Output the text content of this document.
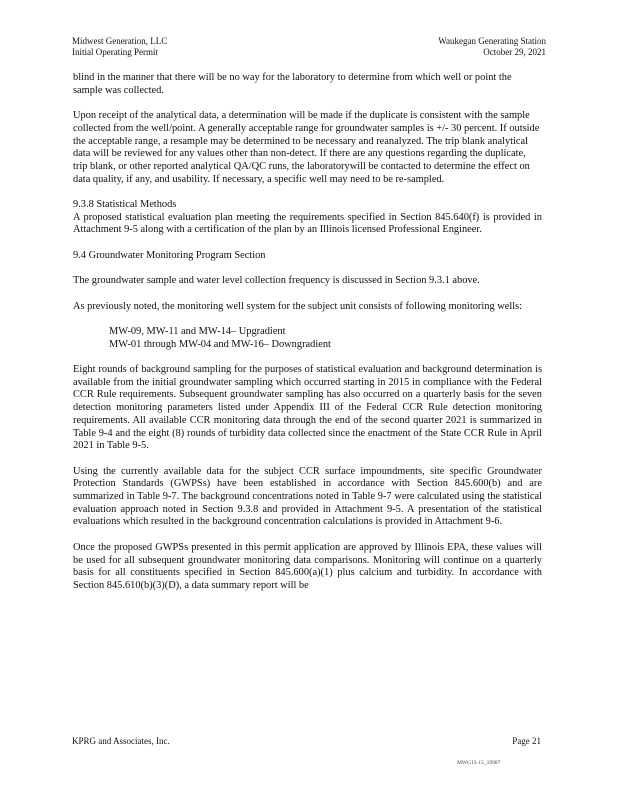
Midwest Generation, LLC
Initial Operating Permit
Waukegan Generating Station
October 29, 2021

blind in the manner that there will be no way for the laboratory to determine from which well or point the sample was collected.

Upon receipt of the analytical data, a determination will be made if the duplicate is consistent with the sample collected from the well/point. A generally acceptable range for groundwater samples is +/- 30 percent. If outside the acceptable range, a resample may be determined to be necessary and reanalyzed. The trip blank analytical data will be reviewed for any values other than non-detect. If there are any questions regarding the duplicate, trip blank, or other reported analytical QA/QC runs, the laboratorywill be contacted to determine the effect on data quality, if any, and usability. If necessary, a specific well may need to be re-sampled.

9.3.8 Statistical Methods

A proposed statistical evaluation plan meeting the requirements specified in Section 845.640(f) is provided in Attachment 9-5 along with a certification of the plan by an Illinois licensed Professional Engineer.

9.4 Groundwater Monitoring Program Section

The groundwater sample and water level collection frequency is discussed in Section 9.3.1 above.

As previously noted, the monitoring well system for the subject unit consists of following monitoring wells:

MW-09, MW-11 and MW-14– Upgradient

MW-01 through MW-04 and MW-16– Downgradient

Eight rounds of background sampling for the purposes of statistical evaluation and background determination is available from the initial groundwater sampling which occurred starting in 2015 in compliance with the Federal CCR Rule requirements. Subsequent groundwater sampling has also occurred on a quarterly basis for the seven detection monitoring parameters listed under Appendix III of the Federal CCR Rule detection monitoring requirements. All available CCR monitoring data through the end of the second quarter 2021 is summarized in Table 9-4 and the eight (8) rounds of turbidity data collected since the enactment of the State CCR Rule in April 2021 in Table 9-5.

Using the currently available data for the subject CCR surface impoundments, site specific Groundwater Protection Standards (GWPSs) have been established in accordance with Section 845.600(b) and are summarized in Table 9-7. The background concentrations noted in Table 9-7 were calculated using the statistical evaluation approach noted in Section 9.3.8 and provided in Attachment 9-5. A presentation of the statistical evaluations which resulted in the background concentration calculations is provided in Attachment 9-6.

Once the proposed GWPSs presented in this permit application are approved by Illinois EPA, these values will be used for all subsequent groundwater monitoring data comparisons. Monitoring will continue on a quarterly basis for all constituents specified in Section 845.600(a)(1) plus calcium and turbidity. In accordance with Section 845.610(b)(3)(D), a data summary report will be

KPRG and Associates, Inc.	Page 21
MWG13-15_19987
